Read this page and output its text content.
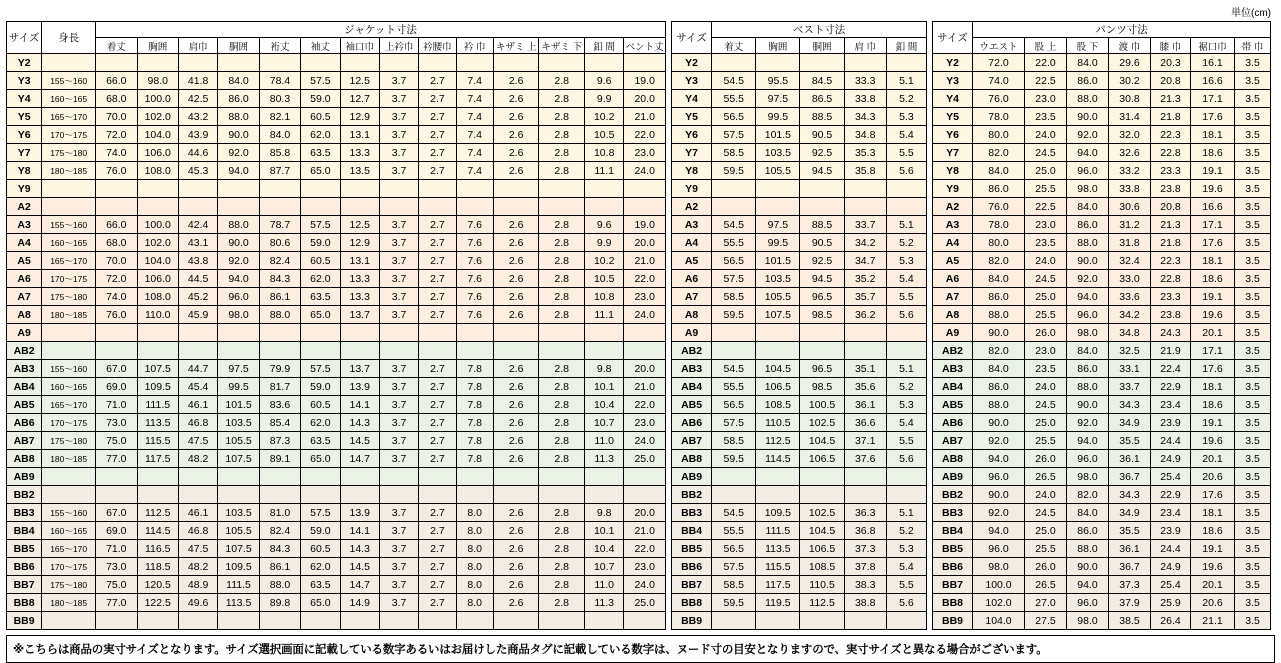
単位(cm)
サイズ	身長	ジャケット寸法													
		着丈	胸囲	肩巾	胴囲	裄丈	袖丈	袖口巾	上衿巾	衿腰巾	衿 巾	キザミ 上	キザミ 下	釦 間	ベント丈
Y2															
Y3	155～160	66.0	98.0	41.8	84.0	78.4	57.5	12.5	3.7	2.7	7.4	2.6	2.8	9.6	19.0
Y4	160～165	68.0	100.0	42.5	86.0	80.3	59.0	12.7	3.7	2.7	7.4	2.6	2.8	9.9	20.0
Y5	165～170	70.0	102.0	43.2	88.0	82.1	60.5	12.9	3.7	2.7	7.4	2.6	2.8	10.2	21.0
Y6	170～175	72.0	104.0	43.9	90.0	84.0	62.0	13.1	3.7	2.7	7.4	2.6	2.8	10.5	22.0
Y7	175～180	74.0	106.0	44.6	92.0	85.8	63.5	13.3	3.7	2.7	7.4	2.6	2.8	10.8	23.0
Y8	180～185	76.0	108.0	45.3	94.0	87.7	65.0	13.5	3.7	2.7	7.4	2.6	2.8	11.1	24.0
Y9															
A2															
A3	155～160	66.0	100.0	42.4	88.0	78.7	57.5	12.5	3.7	2.7	7.6	2.6	2.8	9.6	19.0
A4	160～165	68.0	102.0	43.1	90.0	80.6	59.0	12.9	3.7	2.7	7.6	2.6	2.8	9.9	20.0
A5	165～170	70.0	104.0	43.8	92.0	82.4	60.5	13.1	3.7	2.7	7.6	2.6	2.8	10.2	21.0
A6	170～175	72.0	106.0	44.5	94.0	84.3	62.0	13.3	3.7	2.7	7.6	2.6	2.8	10.5	22.0
A7	175～180	74.0	108.0	45.2	96.0	86.1	63.5	13.3	3.7	2.7	7.6	2.6	2.8	10.8	23.0
A8	180～185	76.0	110.0	45.9	98.0	88.0	65.0	13.7	3.7	2.7	7.6	2.6	2.8	11.1	24.0
A9															
AB2															
AB3	155～160	67.0	107.5	44.7	97.5	79.9	57.5	13.7	3.7	2.7	7.8	2.6	2.8	9.8	20.0
AB4	160～165	69.0	109.5	45.4	99.5	81.7	59.0	13.9	3.7	2.7	7.8	2.6	2.8	10.1	21.0
AB5	165～170	71.0	111.5	46.1	101.5	83.6	60.5	14.1	3.7	2.7	7.8	2.6	2.8	10.4	22.0
AB6	170～175	73.0	113.5	46.8	103.5	85.4	62.0	14.3	3.7	2.7	7.8	2.6	2.8	10.7	23.0
AB7	175～180	75.0	115.5	47.5	105.5	87.3	63.5	14.5	3.7	2.7	7.8	2.6	2.8	11.0	24.0
AB8	180～185	77.0	117.5	48.2	107.5	89.1	65.0	14.7	3.7	2.7	7.8	2.6	2.8	11.3	25.0
AB9															
BB2															
BB3	155～160	67.0	112.5	46.1	103.5	81.0	57.5	13.9	3.7	2.7	8.0	2.6	2.8	9.8	20.0
BB4	160～165	69.0	114.5	46.8	105.5	82.4	59.0	14.1	3.7	2.7	8.0	2.6	2.8	10.1	21.0
BB5	165～170	71.0	116.5	47.5	107.5	84.3	60.5	14.3	3.7	2.7	8.0	2.6	2.8	10.4	22.0
BB6	170～175	73.0	118.5	48.2	109.5	86.1	62.0	14.5	3.7	2.7	8.0	2.6	2.8	10.7	23.0
BB7	175～180	75.0	120.5	48.9	111.5	88.0	63.5	14.7	3.7	2.7	8.0	2.6	2.8	11.0	24.0
BB8	180～185	77.0	122.5	49.6	113.5	89.8	65.0	14.9	3.7	2.7	8.0	2.6	2.8	11.3	25.0
BB9															
サイズ	ベスト寸法				
	着丈	胸囲	胴囲	肩 巾	釦 間
Y2					
Y3	54.5	95.5	84.5	33.3	5.1
Y4	55.5	97.5	86.5	33.8	5.2
Y5	56.5	99.5	88.5	34.3	5.3
Y6	57.5	101.5	90.5	34.8	5.4
Y7	58.5	103.5	92.5	35.3	5.5
Y8	59.5	105.5	94.5	35.8	5.6
Y9					
A2					
A3	54.5	97.5	88.5	33.7	5.1
A4	55.5	99.5	90.5	34.2	5.2
A5	56.5	101.5	92.5	34.7	5.3
A6	57.5	103.5	94.5	35.2	5.4
A7	58.5	105.5	96.5	35.7	5.5
A8	59.5	107.5	98.5	36.2	5.6
A9					
AB2					
AB3	54.5	104.5	96.5	35.1	5.1
AB4	55.5	106.5	98.5	35.6	5.2
AB5	56.5	108.5	100.5	36.1	5.3
AB6	57.5	110.5	102.5	36.6	5.4
AB7	58.5	112.5	104.5	37.1	5.5
AB8	59.5	114.5	106.5	37.6	5.6
AB9					
BB2					
BB3	54.5	109.5	102.5	36.3	5.1
BB4	55.5	111.5	104.5	36.8	5.2
BB5	56.5	113.5	106.5	37.3	5.3
BB6	57.5	115.5	108.5	37.8	5.4
BB7	58.5	117.5	110.5	38.3	5.5
BB8	59.5	119.5	112.5	38.8	5.6
BB9					
サイズ	パンツ寸法						
	ウエスト	股 上	股 下	渡 巾	膝 巾	裾口巾	帯 巾
Y2	72.0	22.0	84.0	29.6	20.3	16.1	3.5
Y3	74.0	22.5	86.0	30.2	20.8	16.6	3.5
Y4	76.0	23.0	88.0	30.8	21.3	17.1	3.5
Y5	78.0	23.5	90.0	31.4	21.8	17.6	3.5
Y6	80.0	24.0	92.0	32.0	22.3	18.1	3.5
Y7	82.0	24.5	94.0	32.6	22.8	18.6	3.5
Y8	84.0	25.0	96.0	33.2	23.3	19.1	3.5
Y9	86.0	25.5	98.0	33.8	23.8	19.6	3.5
A2	76.0	22.5	84.0	30.6	20.8	16.6	3.5
A3	78.0	23.0	86.0	31.2	21.3	17.1	3.5
A4	80.0	23.5	88.0	31.8	21.8	17.6	3.5
A5	82.0	24.0	90.0	32.4	22.3	18.1	3.5
A6	84.0	24.5	92.0	33.0	22.8	18.6	3.5
A7	86.0	25.0	94.0	33.6	23.3	19.1	3.5
A8	88.0	25.5	96.0	34.2	23.8	19.6	3.5
A9	90.0	26.0	98.0	34.8	24.3	20.1	3.5
AB2	82.0	23.0	84.0	32.5	21.9	17.1	3.5
AB3	84.0	23.5	86.0	33.1	22.4	17.6	3.5
AB4	86.0	24.0	88.0	33.7	22.9	18.1	3.5
AB5	88.0	24.5	90.0	34.3	23.4	18.6	3.5
AB6	90.0	25.0	92.0	34.9	23.9	19.1	3.5
AB7	92.0	25.5	94.0	35.5	24.4	19.6	3.5
AB8	94.0	26.0	96.0	36.1	24.9	20.1	3.5
AB9	96.0	26.5	98.0	36.7	25.4	20.6	3.5
BB2	90.0	24.0	82.0	34.3	22.9	17.6	3.5
BB3	92.0	24.5	84.0	34.9	23.4	18.1	3.5
BB4	94.0	25.0	86.0	35.5	23.9	18.6	3.5
BB5	96.0	25.5	88.0	36.1	24.4	19.1	3.5
BB6	98.0	26.0	90.0	36.7	24.9	19.6	3.5
BB7	100.0	26.5	94.0	37.3	25.4	20.1	3.5
BB8	102.0	27.0	96.0	37.9	25.9	20.6	3.5
BB9	104.0	27.5	98.0	38.5	26.4	21.1	3.5
※こちらは商品の実寸サイズとなります。サイズ選択画面に記載している数字あるいはお届けした商品タグに記載している数字は、ヌード寸の目安となりますので、実寸サイズと異なる場合がございます。
